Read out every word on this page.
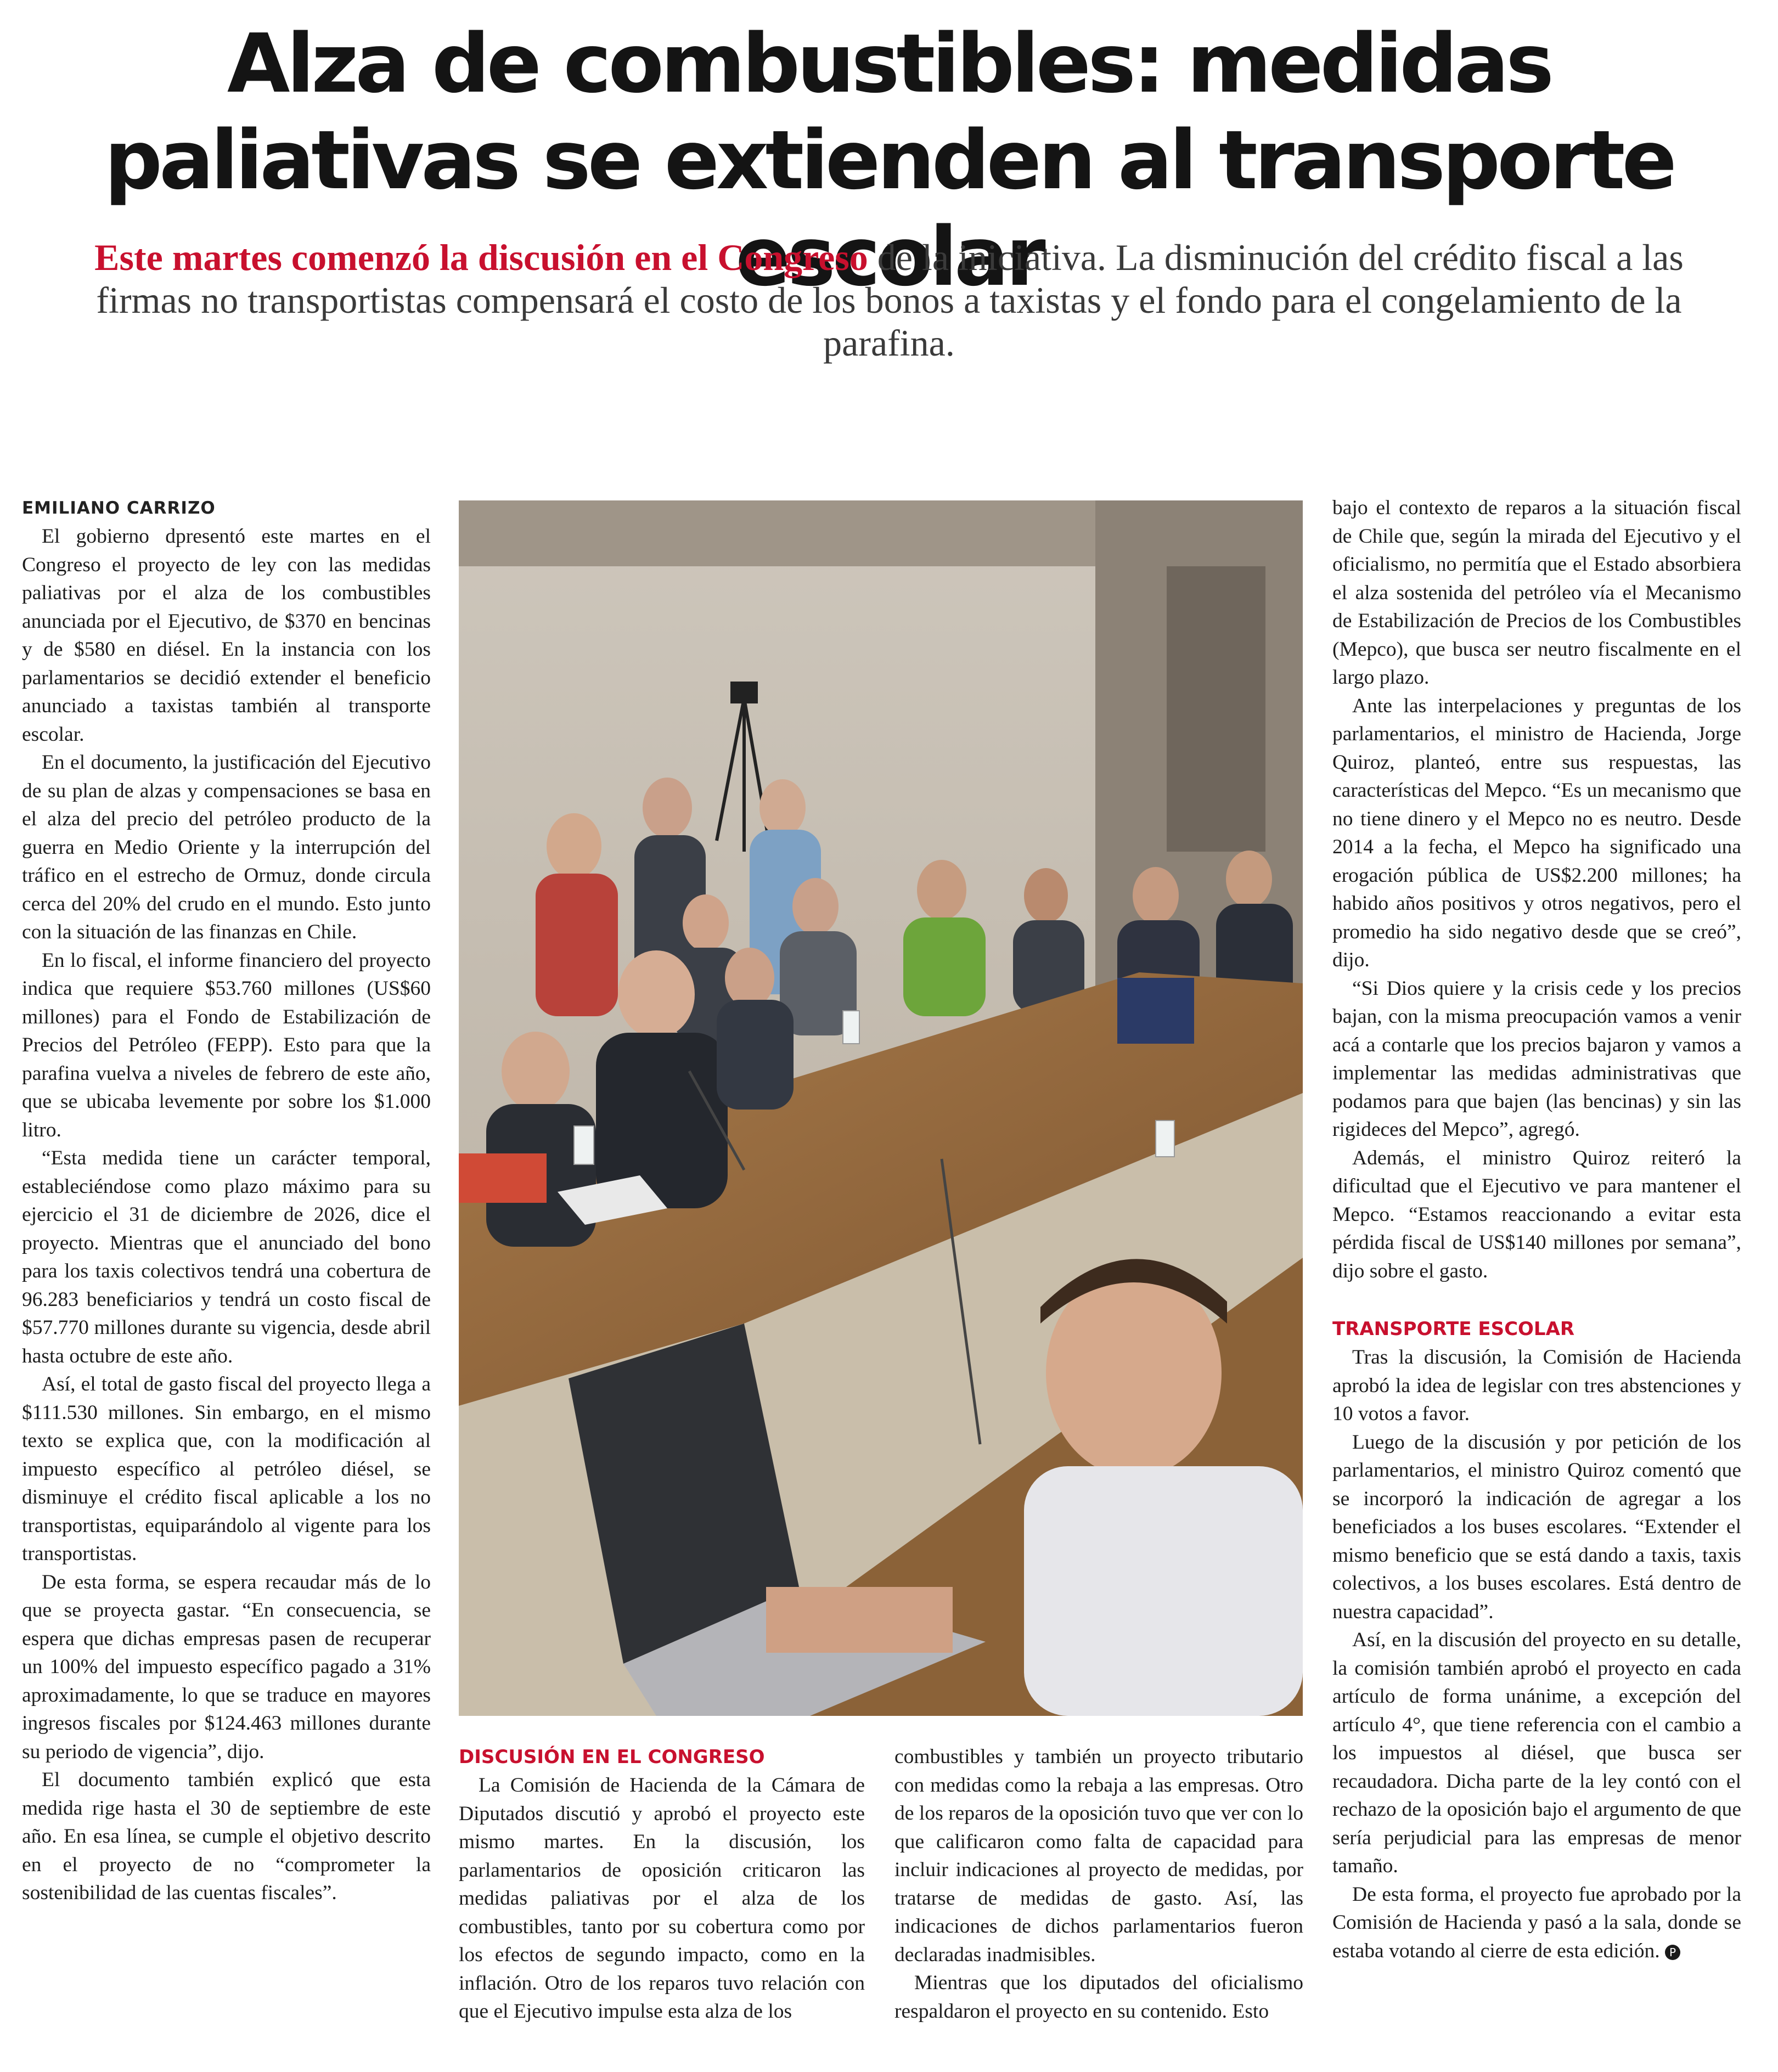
Alza de combustibles: medidas paliativas se extienden al transporte escolar

Este martes comenzó la discusión en el Congreso de la iniciativa. La disminución del crédito fiscal a las firmas no transportistas compensará el costo de los bonos a taxistas y el fondo para el congelamiento de la parafina.

EMILIANO CARRIZO

El gobierno dpresentó este martes en el Congreso el proyecto de ley con las medidas paliativas por el alza de los combustibles anunciada por el Ejecutivo, de $370 en bencinas y de $580 en diésel. En la instancia con los parlamentarios se decidió extender el beneficio anunciado a taxistas también al transporte escolar.

En el documento, la justificación del Ejecutivo de su plan de alzas y compensaciones se basa en el alza del precio del petróleo producto de la guerra en Medio Oriente y la interrupción del tráfico en el estrecho de Ormuz, donde circula cerca del 20% del crudo en el mundo. Esto junto con la situación de las finanzas en Chile.

En lo fiscal, el informe financiero del proyecto indica que requiere $53.760 millones (US$60 millones) para el Fondo de Estabilización de Precios del Petróleo (FEPP). Esto para que la parafina vuelva a niveles de febrero de este año, que se ubicaba levemente por sobre los $1.000 litro.

“Esta medida tiene un carácter temporal, estableciéndose como plazo máximo para su ejercicio el 31 de diciembre de 2026, dice el proyecto. Mientras que el anunciado del bono para los taxis colectivos tendrá una cobertura de 96.283 beneficiarios y tendrá un costo fiscal de $57.770 millones durante su vigencia, desde abril hasta octubre de este año.

Así, el total de gasto fiscal del proyecto llega a $111.530 millones. Sin embargo, en el mismo texto se explica que, con la modificación al impuesto específico al petróleo diésel, se disminuye el crédito fiscal aplicable a los no transportistas, equiparándolo al vigente para los transportistas.

De esta forma, se espera recaudar más de lo que se proyecta gastar. “En consecuencia, se espera que dichas empresas pasen de recuperar un 100% del impuesto específico pagado a 31% aproximadamente, lo que se traduce en mayores ingresos fiscales por $124.463 millones durante su periodo de vigencia”, dijo.

El documento también explicó que esta medida rige hasta el 30 de septiembre de este año. En esa línea, se cumple el objetivo descrito en el proyecto de no “comprometer la sostenibilidad de las cuentas fiscales”.

DISCUSIÓN EN EL CONGRESO

La Comisión de Hacienda de la Cámara de Diputados discutió y aprobó el proyecto este mismo martes. En la discusión, los parlamentarios de oposición criticaron las medidas paliativas por el alza de los combustibles, tanto por su cobertura como por los efectos de segundo impacto, como en la inflación. Otro de los reparos tuvo relación con que el Ejecutivo impulse esta alza de los

combustibles y también un proyecto tributario con medidas como la rebaja a las empresas. Otro de los reparos de la oposición tuvo que ver con lo que calificaron como falta de capacidad para incluir indicaciones al proyecto de medidas, por tratarse de medidas de gasto. Así, las indicaciones de dichos parlamentarios fueron declaradas inadmisibles.

Mientras que los diputados del oficialismo respaldaron el proyecto en su contenido. Esto

bajo el contexto de reparos a la situación fiscal de Chile que, según la mirada del Ejecutivo y el oficialismo, no permitía que el Estado absorbiera el alza sostenida del petróleo vía el Mecanismo de Estabilización de Precios de los Combustibles (Mepco), que busca ser neutro fiscalmente en el largo plazo.

Ante las interpelaciones y preguntas de los parlamentarios, el ministro de Hacienda, Jorge Quiroz, planteó, entre sus respuestas, las características del Mepco. “Es un mecanismo que no tiene dinero y el Mepco no es neutro. Desde 2014 a la fecha, el Mepco ha significado una erogación pública de US$2.200 millones; ha habido años positivos y otros negativos, pero el promedio ha sido negativo desde que se creó”, dijo.

“Si Dios quiere y la crisis cede y los precios bajan, con la misma preocupación vamos a venir acá a contarle que los precios bajaron y vamos a implementar las medidas administrativas que podamos para que bajen (las bencinas) y sin las rigideces del Mepco”, agregó.

Además, el ministro Quiroz reiteró la dificultad que el Ejecutivo ve para mantener el Mepco. “Estamos reaccionando a evitar esta pérdida fiscal de US$140 millones por semana”, dijo sobre el gasto.

TRANSPORTE ESCOLAR

Tras la discusión, la Comisión de Hacienda aprobó la idea de legislar con tres abstenciones y 10 votos a favor.

Luego de la discusión y por petición de los parlamentarios, el ministro Quiroz comentó que se incorporó la indicación de agregar a los beneficiados a los buses escolares. “Extender el mismo beneficio que se está dando a taxis, taxis colectivos, a los buses escolares. Está dentro de nuestra capacidad”.

Así, en la discusión del proyecto en su detalle, la comisión también aprobó el proyecto en cada artículo de forma unánime, a excepción del artículo 4°, que tiene referencia con el cambio a los impuestos al diésel, que busca ser recaudadora. Dicha parte de la ley contó con el rechazo de la oposición bajo el argumento de que sería perjudicial para las empresas de menor tamaño.

De esta forma, el proyecto fue aprobado por la Comisión de Hacienda y pasó a la sala, donde se estaba votando al cierre de esta edición. P
